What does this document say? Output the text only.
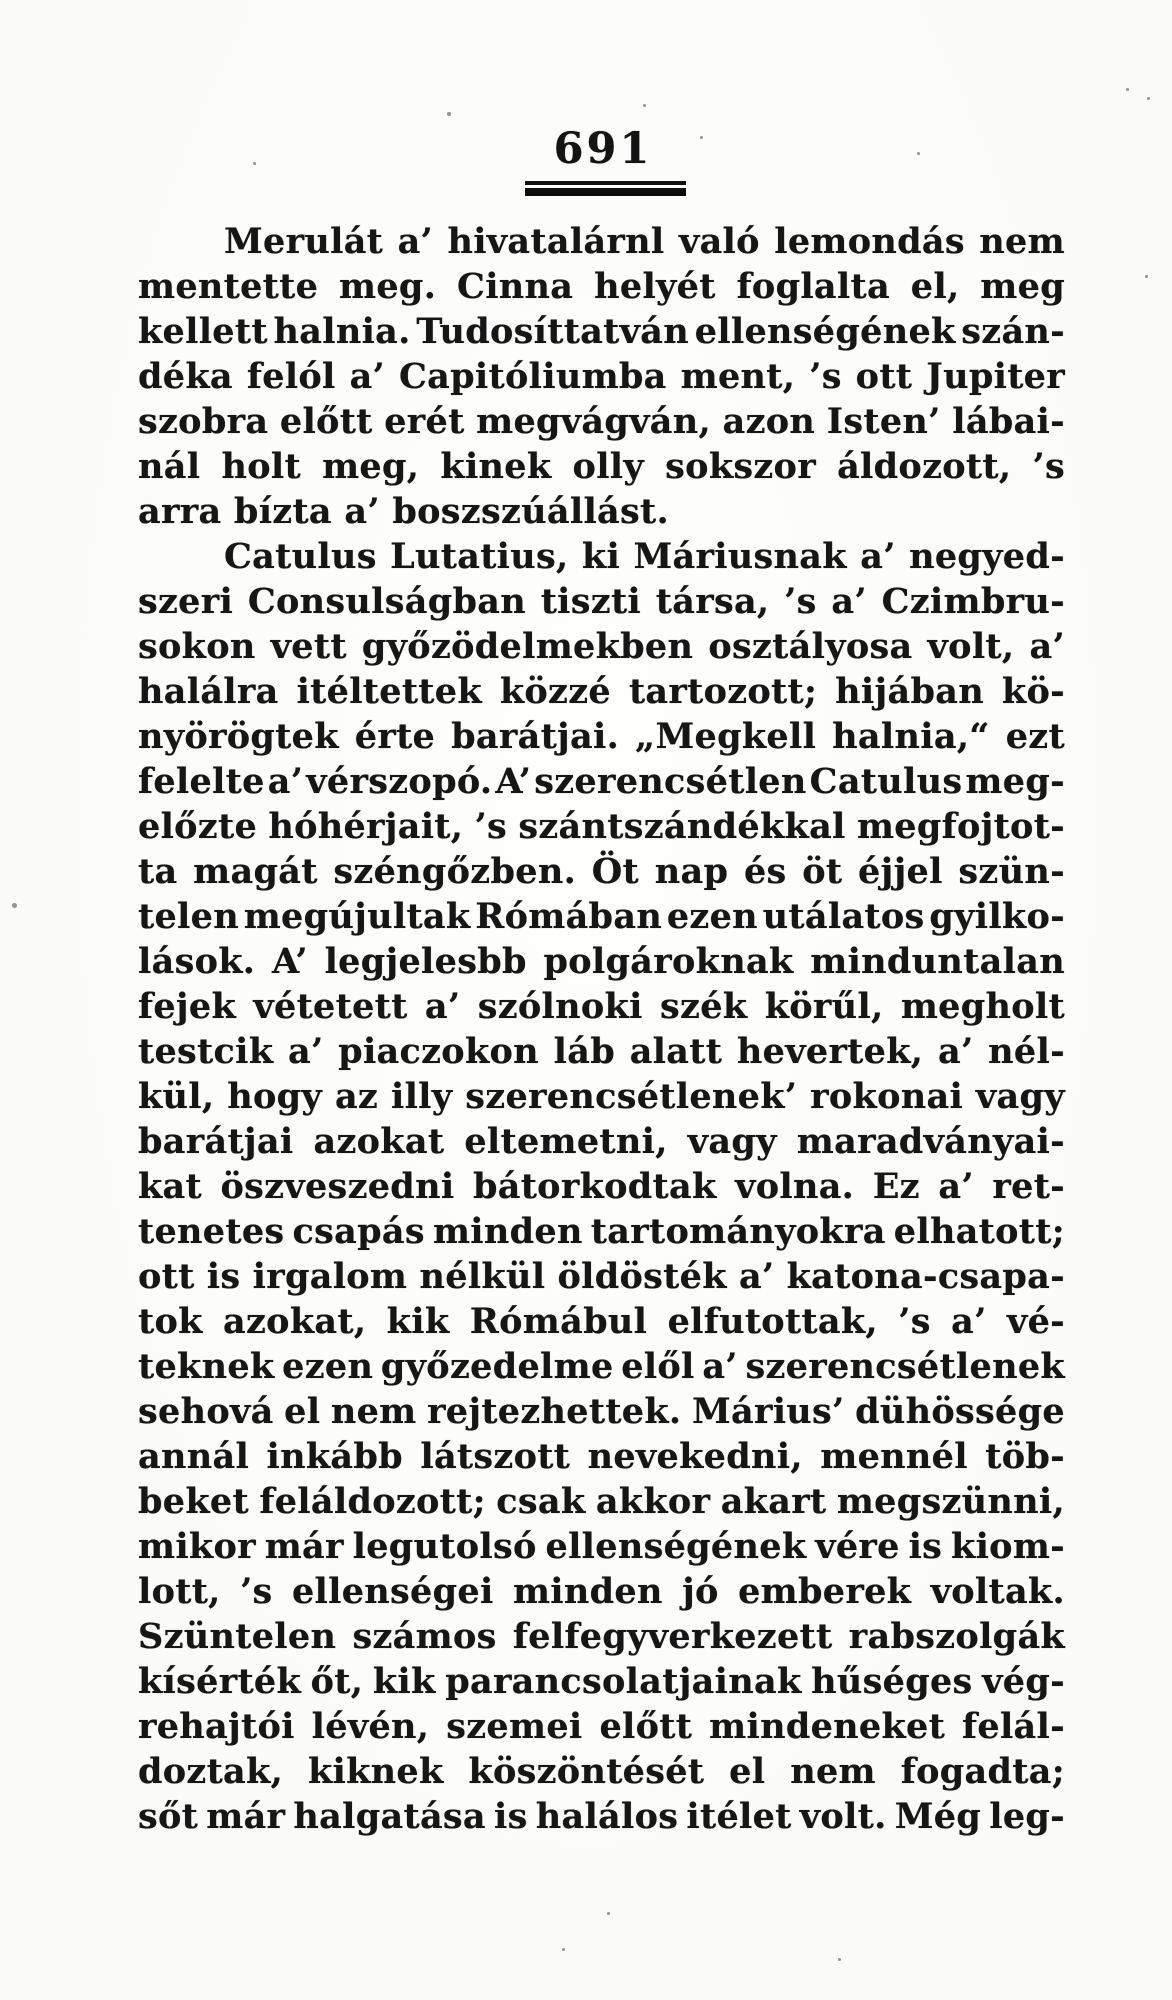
691
Merulát a’ hivatalárnl való lemondás nem
mentette meg. Cinna helyét foglalta el, meg
kellett halnia. Tudosíttatván ellenségének szán-
déka felól a’ Capitóliumba ment, ’s ott Jupiter
szobra előtt erét megvágván, azon Isten’ lábai-
nál holt meg, kinek olly sokszor áldozott, ’s
arra bízta a’ boszszúállást.
Catulus Lutatius, ki Máriusnak a’ negyed-
szeri Consulságban tiszti társa, ’s a’ Czimbru-
sokon vett győzödelmekben osztályosa volt, a’
halálra itéltettek közzé tartozott; hijában kö-
nyörögtek érte barátjai. „Megkell halnia,“ ezt
felelte a’ vérszopó. A’ szerencsétlen Catulus meg-
előzte hóhérjait, ’s szántszándékkal megfojtot-
ta magát széngőzben. Öt nap és öt éjjel szün-
telen megújultak Rómában ezen utálatos gyilko-
lások. A’ legjelesbb polgároknak minduntalan
fejek vétetett a’ szólnoki szék körűl, megholt
testcik a’ piaczokon láb alatt hevertek, a’ nél-
kül, hogy az illy szerencsétlenek’ rokonai vagy
barátjai azokat eltemetni, vagy maradványai-
kat öszveszedni bátorkodtak volna. Ez a’ ret-
tenetes csapás minden tartományokra elhatott;
ott is irgalom nélkül öldösték a’ katona-csapa-
tok azokat, kik Rómábul elfutottak, ’s a’ vé-
teknek ezen győzedelme elől a’ szerencsétlenek
sehová el nem rejtezhettek. Márius’ dühössége
annál inkább látszott nevekedni, mennél töb-
beket feláldozott; csak akkor akart megszünni,
mikor már legutolsó ellenségének vére is kiom-
lott, ’s ellenségei minden jó emberek voltak.
Szüntelen számos felfegyverkezett rabszolgák
kísérték őt, kik parancsolatjainak hűséges vég-
rehajtói lévén, szemei előtt mindeneket felál-
doztak, kiknek köszöntését el nem fogadta;
sőt már halgatása is halálos itélet volt. Még leg-
